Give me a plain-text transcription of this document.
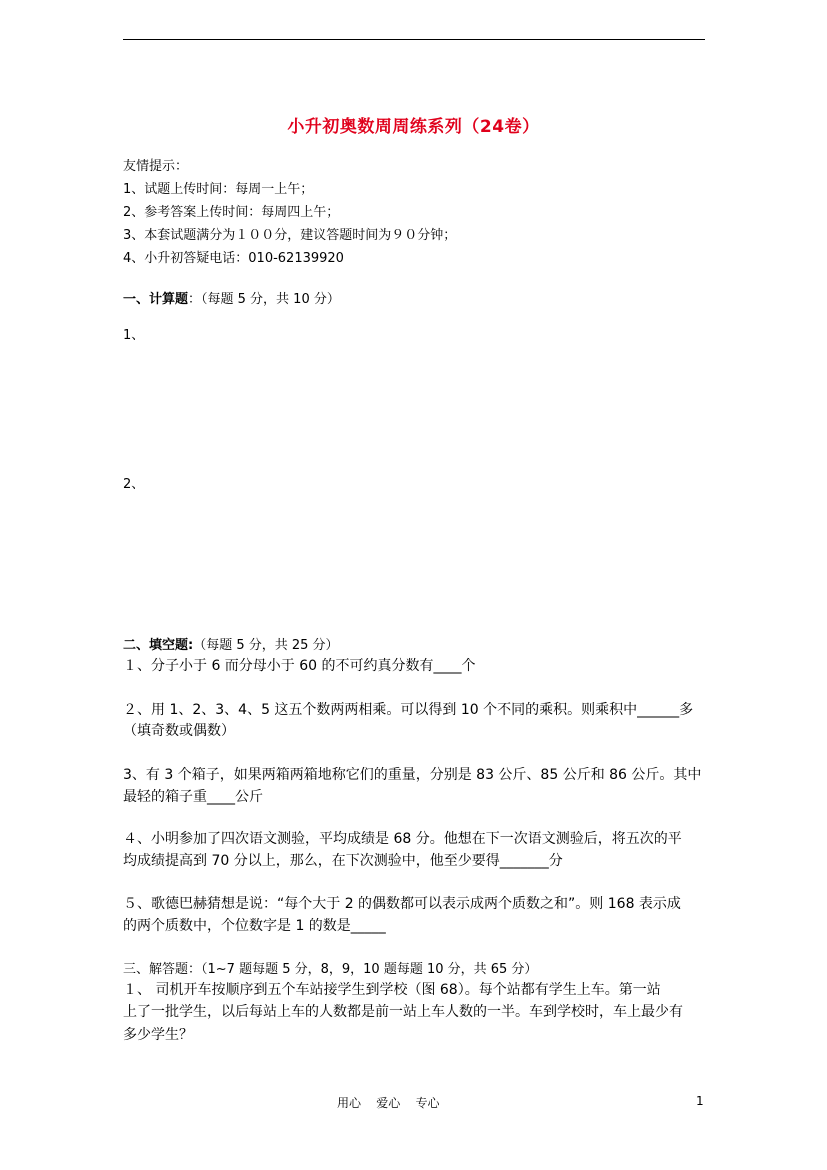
小升初奥数周周练系列（24卷）
友情提示：
1、试题上传时间：每周一上午；
2、参考答案上传时间：每周四上午；
3、本套试题满分为１００分，建议答题时间为９０分钟；
4、小升初答疑电话：010-62139920
一、计算题：（每题 5 分，共 10 分）
1、
2、
二、填空题:（每题 5 分，共 25 分）
１、分子小于 6 而分母小于 60 的不可约真分数有____个
２、用 1、2、3、4、5 这五个数两两相乘。可以得到 10 个不同的乘积。则乘积中______多
（填奇数或偶数）
3、有 3 个箱子，如果两箱两箱地称它们的重量，分别是 83 公斤、85 公斤和 86 公斤。其中
最轻的箱子重____公斤
４、小明参加了四次语文测验，平均成绩是 68 分。他想在下一次语文测验后，将五次的平
均成绩提高到 70 分以上，那么，在下次测验中，他至少要得_______分
５、歌德巴赫猜想是说：“每个大于 2 的偶数都可以表示成两个质数之和”。则 168 表示成
的两个质数中，个位数字是 1 的数是_____
三、解答题：（1~7 题每题 5 分，8，9，10 题每题 10 分，共 65 分）
１、 司机开车按顺序到五个车站接学生到学校（图 68）。每个站都有学生上车。第一站
上了一批学生，以后每站上车的人数都是前一站上车人数的一半。车到学校时，车上最少有
多少学生？
用心    爱心    专心	1
